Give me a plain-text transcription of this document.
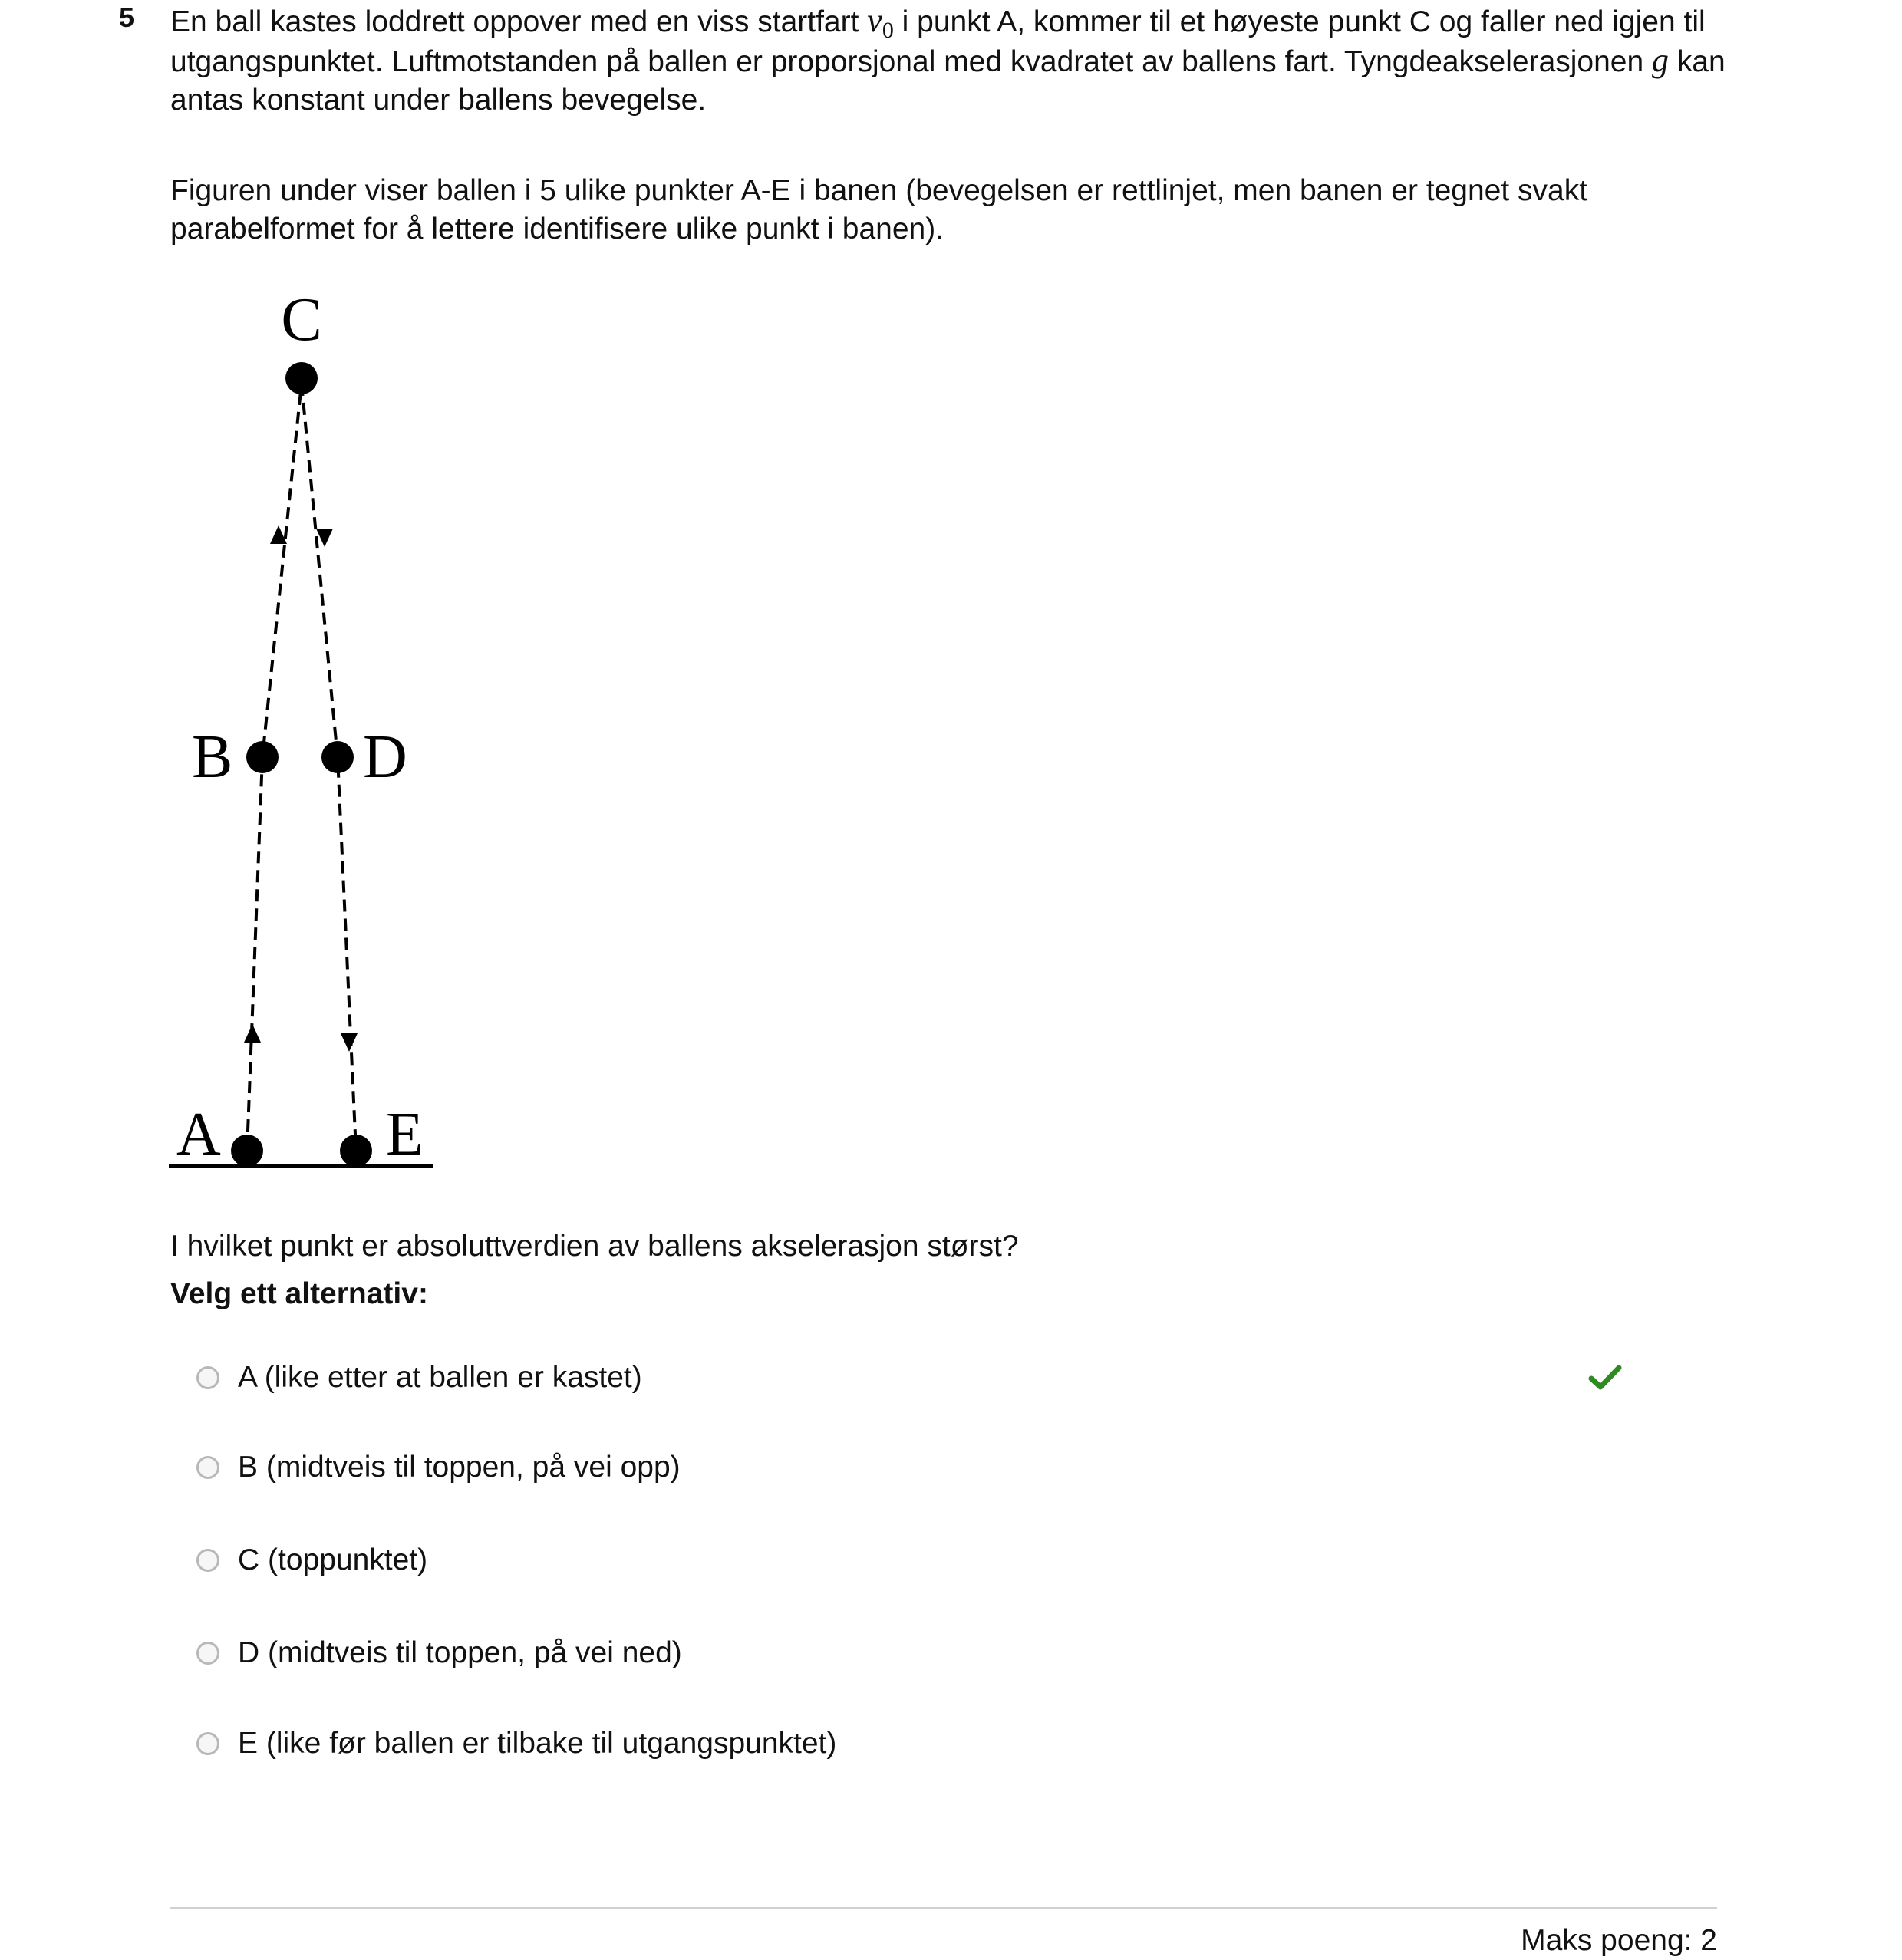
5 En ball kastes loddrett oppover med en viss startfart $v_0$ i punkt A, kommer til et høyeste punkt C og faller ned igjen til utgangspunktet. Luftmotstanden på ballen er proporsjonal med kvadratet av ballens fart. Tyngdeakselerasjonen g kan antas konstant under ballens bevegelse.

Figuren under viser ballen i 5 ulike punkter A-E i banen (bevegelsen er rettlinjet, men banen er tegnet svakt parabelformet for å lettere identifisere ulike punkt i banen).

C
B D
A	E

I hvilket punkt er absoluttverdien av ballens akselerasjon størst?

Velg ett alternativ:

A (like etter at ballen er kastet)
B (midtveis til toppen, på vei opp)
C (toppunktet)
D (midtveis til toppen, på vei ned)
E (like før ballen er tilbake til utgangspunktet)
Maks poeng: 2
